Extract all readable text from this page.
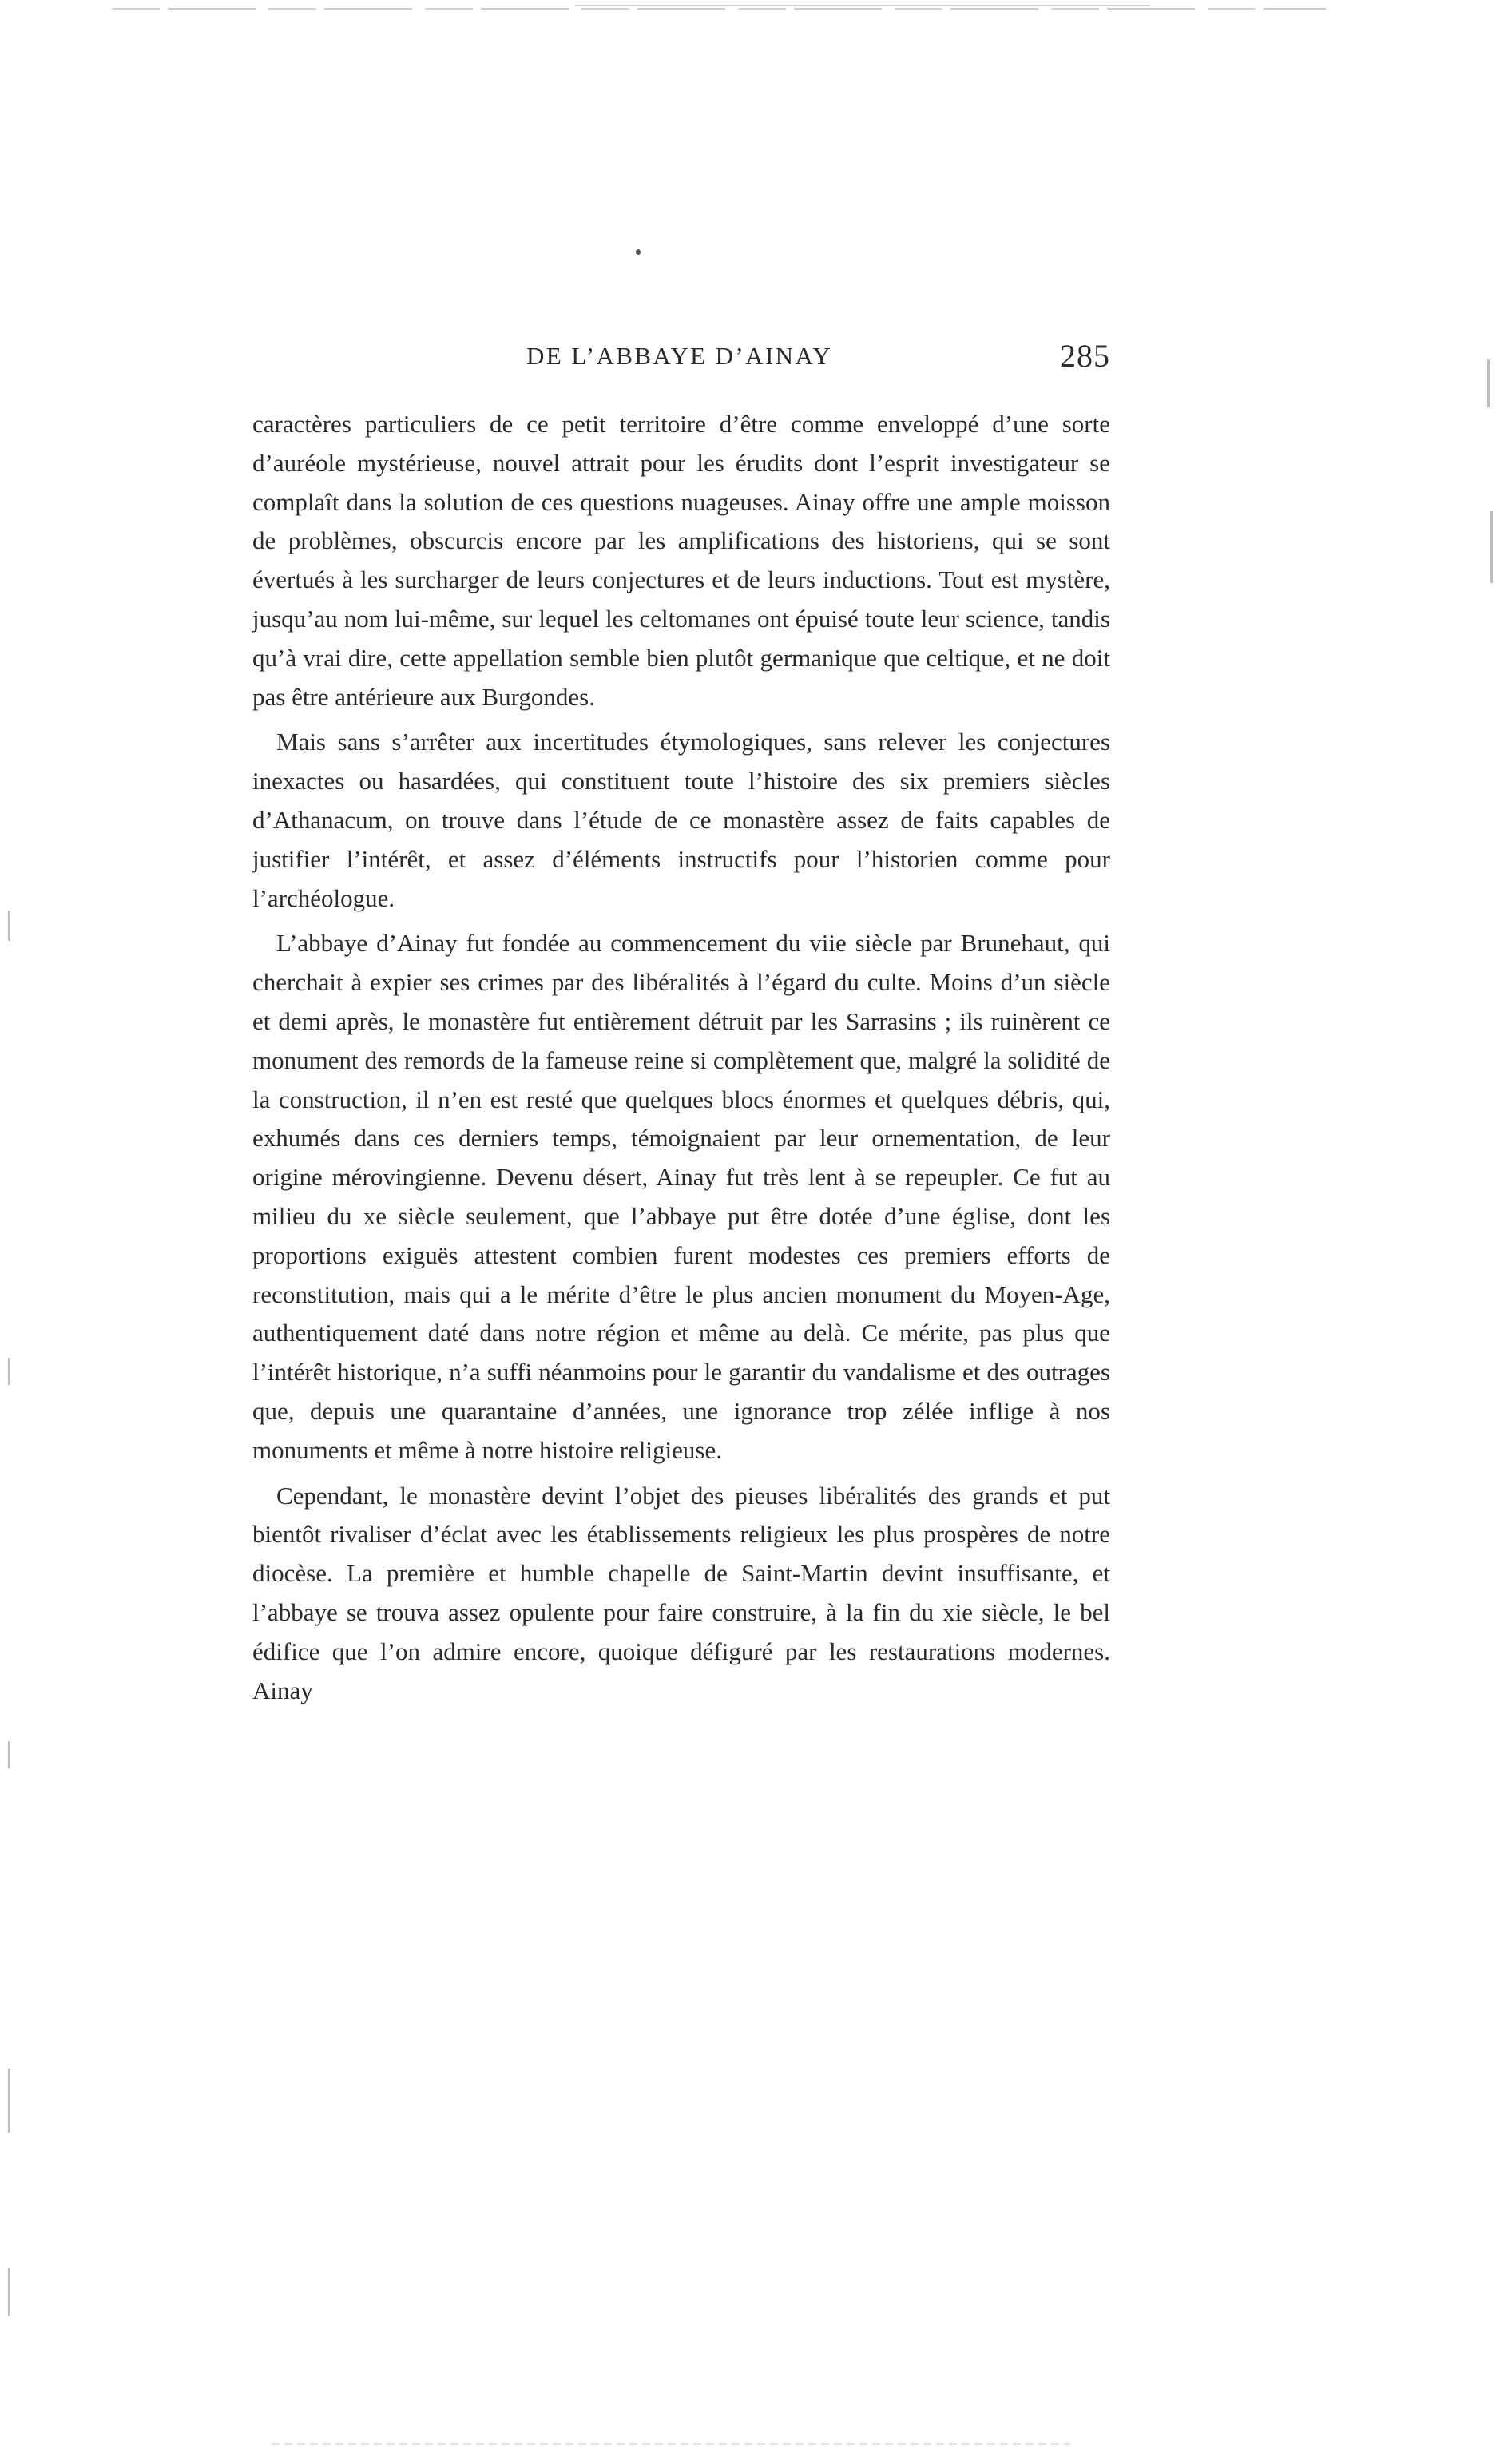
DE L’ABBAYE D’AINAY	285

caractères particuliers de ce petit territoire d’être comme enveloppé d’une sorte d’auréole mystérieuse, nouvel attrait pour les érudits dont l’esprit investigateur se complaît dans la solution de ces questions nuageuses. Ainay offre une ample moisson de problèmes, obscurcis encore par les amplifications des historiens, qui se sont évertués à les surcharger de leurs conjectures et de leurs inductions. Tout est mystère, jusqu’au nom lui-même, sur lequel les celtomanes ont épuisé toute leur science, tandis qu’à vrai dire, cette appellation semble bien plutôt germanique que celtique, et ne doit pas être antérieure aux Burgondes.

Mais sans s’arrêter aux incertitudes étymologiques, sans relever les conjectures inexactes ou hasardées, qui constituent toute l’histoire des six premiers siècles d’Athanacum, on trouve dans l’étude de ce monastère assez de faits capables de justifier l’intérêt, et assez d’éléments instructifs pour l’historien comme pour l’archéologue.

L’abbaye d’Ainay fut fondée au commencement du viie siècle par Brunehaut, qui cherchait à expier ses crimes par des libéralités à l’égard du culte. Moins d’un siècle et demi après, le monastère fut entièrement détruit par les Sarrasins ; ils ruinèrent ce monument des remords de la fameuse reine si complètement que, malgré la solidité de la construction, il n’en est resté que quelques blocs énormes et quelques débris, qui, exhumés dans ces derniers temps, témoignaient par leur ornementation, de leur origine mérovingienne. Devenu désert, Ainay fut très lent à se repeupler. Ce fut au milieu du xe siècle seulement, que l’abbaye put être dotée d’une église, dont les proportions exiguës attestent combien furent modestes ces premiers efforts de reconstitution, mais qui a le mérite d’être le plus ancien monument du Moyen-Age, authentiquement daté dans notre région et même au delà. Ce mérite, pas plus que l’intérêt historique, n’a suffi néanmoins pour le garantir du vandalisme et des outrages que, depuis une quarantaine d’années, une ignorance trop zélée inflige à nos monuments et même à notre histoire religieuse.

Cependant, le monastère devint l’objet des pieuses libéralités des grands et put bientôt rivaliser d’éclat avec les établissements religieux les plus prospères de notre diocèse. La première et humble chapelle de Saint-Martin devint insuffisante, et l’abbaye se trouva assez opulente pour faire construire, à la fin du xie siècle, le bel édifice que l’on admire encore, quoique défiguré par les restaurations modernes. Ainay
